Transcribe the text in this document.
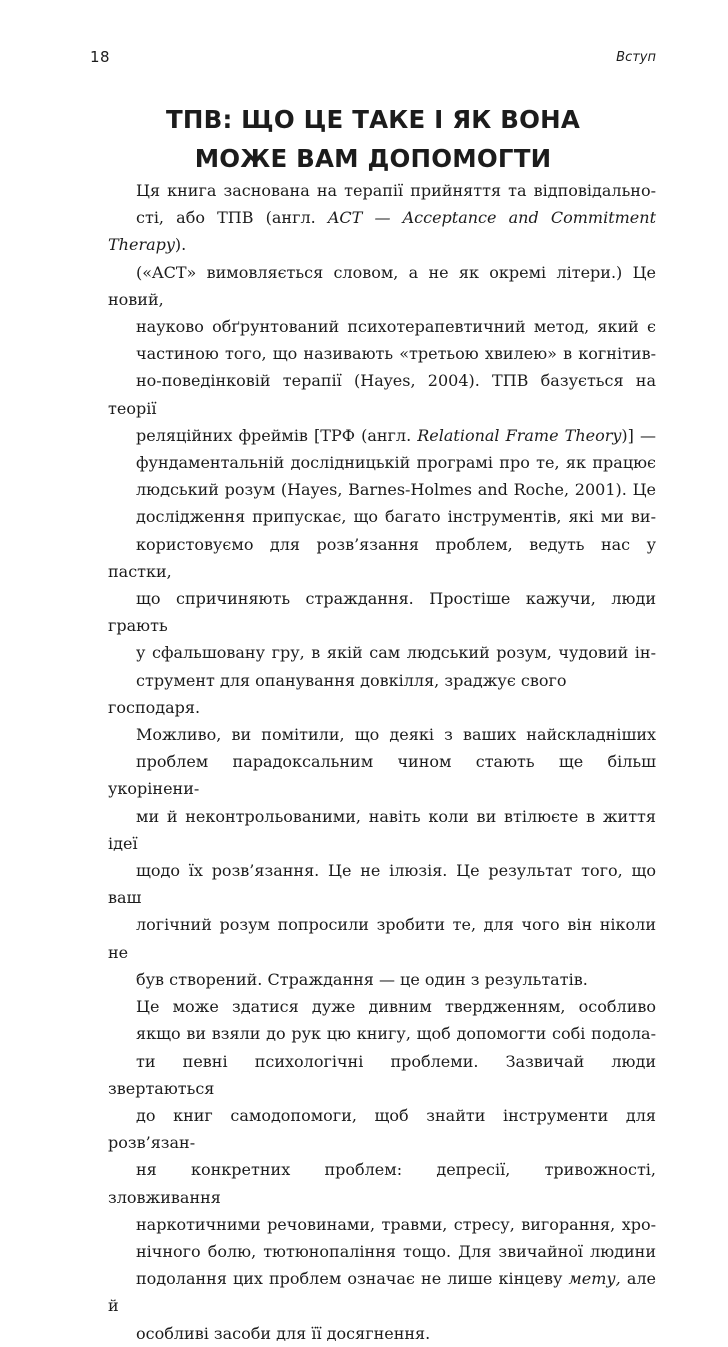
18	Вступ
ТПВ: ЩО ЦЕ ТАКЕ І ЯК ВОНА
МОЖЕ ВАМ ДОПОМОГТИ

Ця книга заснована на терапії прийняття та відповідально-
сті, або ТПВ (англ. ACT — Acceptance and Commitment Therapy).
(«ACT» вимовляється словом, а не як окремі літери.) Це новий,
науково обґрунтований психотерапевтичний метод, який є
частиною того, що називають «третьою хвилею» в когнітив-
но-поведінковій терапії (Hayes, 2004). ТПВ базується на теорії
реляційних фреймів [ТРФ (англ. Relational Frame Theory)] —
фундаментальній дослідницькій програмі про те, як працює
людський розум (Hayes, Barnes-Holmes and Roche, 2001). Це
дослідження припускає, що багато інструментів, які ми ви-
користовуємо для розв’язання проблем, ведуть нас у пастки,
що спричиняють страждання. Простіше кажучи, люди грають
у сфальшовану гру, в якій сам людський розум, чудовий ін-
струмент для опанування довкілля, зраджує свого господаря.

Можливо, ви помітили, що деякі з ваших найскладніших
проблем парадоксальним чином стають ще більш укорінени-
ми й неконтрольованими, навіть коли ви втілюєте в життя ідеї
щодо їх розв’язання. Це не ілюзія. Це результат того, що ваш
логічний розум попросили зробити те, для чого він ніколи не
був створений. Страждання — це один з результатів.

Це може здатися дуже дивним твердженням, особливо
якщо ви взяли до рук цю книгу, щоб допомогти собі подола-
ти певні психологічні проблеми. Зазвичай люди звертаються
до книг самодопомоги, щоб знайти інструменти для розв’язан-
ня конкретних проблем: депресії, тривожності, зловживання
наркотичними речовинами, травми, стресу, вигорання, хро-
нічного болю, тютюнопаління тощо. Для звичайної людини
подолання цих проблем означає не лише кінцеву мету, але й
особливі засоби для її досягнення.
